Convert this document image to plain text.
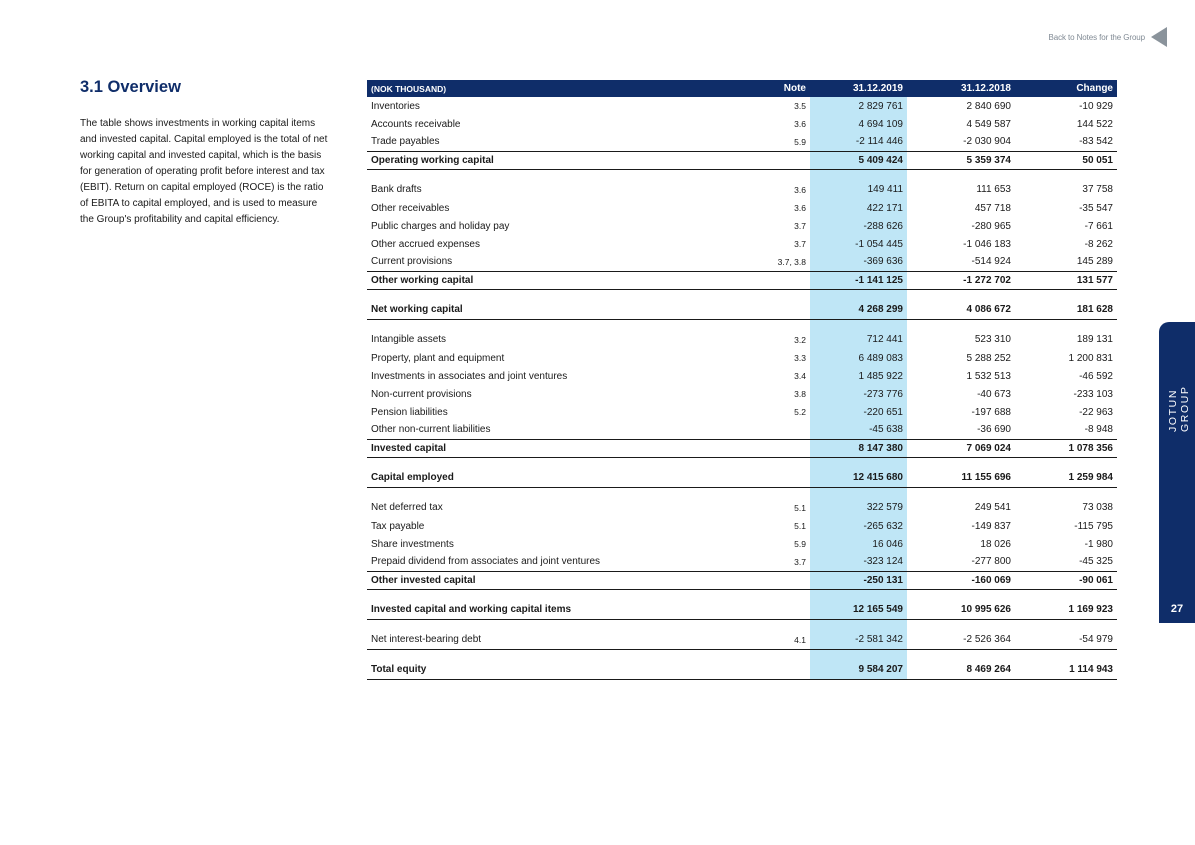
Back to Notes for the Group
JOTUN GROUP
27
3.1 Overview

The table shows investments in working capital items and invested capital. Capital employed is the total of net working capital and invested capital, which is the basis for generation of operating profit before interest and tax (EBIT). Return on capital employed (ROCE) is the ratio of EBITA to capital employed, and is used to measure the Group's profitability and capital efficiency.

(NOK THOUSAND)	Note	31.12.2019	31.12.2018	Change
Inventories	3.5	2 829 761	2 840 690	-10 929
Accounts receivable	3.6	4 694 109	4 549 587	144 522
Trade payables	5.9	-2 114 446	-2 030 904	-83 542
Operating working capital		5 409 424	5 359 374	50 051
Bank drafts	3.6	149 411	111 653	37 758
Other receivables	3.6	422 171	457 718	-35 547
Public charges and holiday pay	3.7	-288 626	-280 965	-7 661
Other accrued expenses	3.7	-1 054 445	-1 046 183	-8 262
Current provisions	3.7, 3.8	-369 636	-514 924	145 289
Other working capital		-1 141 125	-1 272 702	131 577
Net working capital		4 268 299	4 086 672	181 628
Intangible assets	3.2	712 441	523 310	189 131
Property, plant and equipment	3.3	6 489 083	5 288 252	1 200 831
Investments in associates and joint ventures	3.4	1 485 922	1 532 513	-46 592
Non-current provisions	3.8	-273 776	-40 673	-233 103
Pension liabilities	5.2	-220 651	-197 688	-22 963
Other non-current liabilities		-45 638	-36 690	-8 948
Invested capital		8 147 380	7 069 024	1 078 356
Capital employed		12 415 680	11 155 696	1 259 984
Net deferred tax	5.1	322 579	249 541	73 038
Tax payable	5.1	-265 632	-149 837	-115 795
Share investments	5.9	16 046	18 026	-1 980
Prepaid dividend from associates and joint ventures	3.7	-323 124	-277 800	-45 325
Other invested capital		-250 131	-160 069	-90 061
Invested capital and working capital items		12 165 549	10 995 626	1 169 923
Net interest-bearing debt	4.1	-2 581 342	-2 526 364	-54 979
Total equity		9 584 207	8 469 264	1 114 943
